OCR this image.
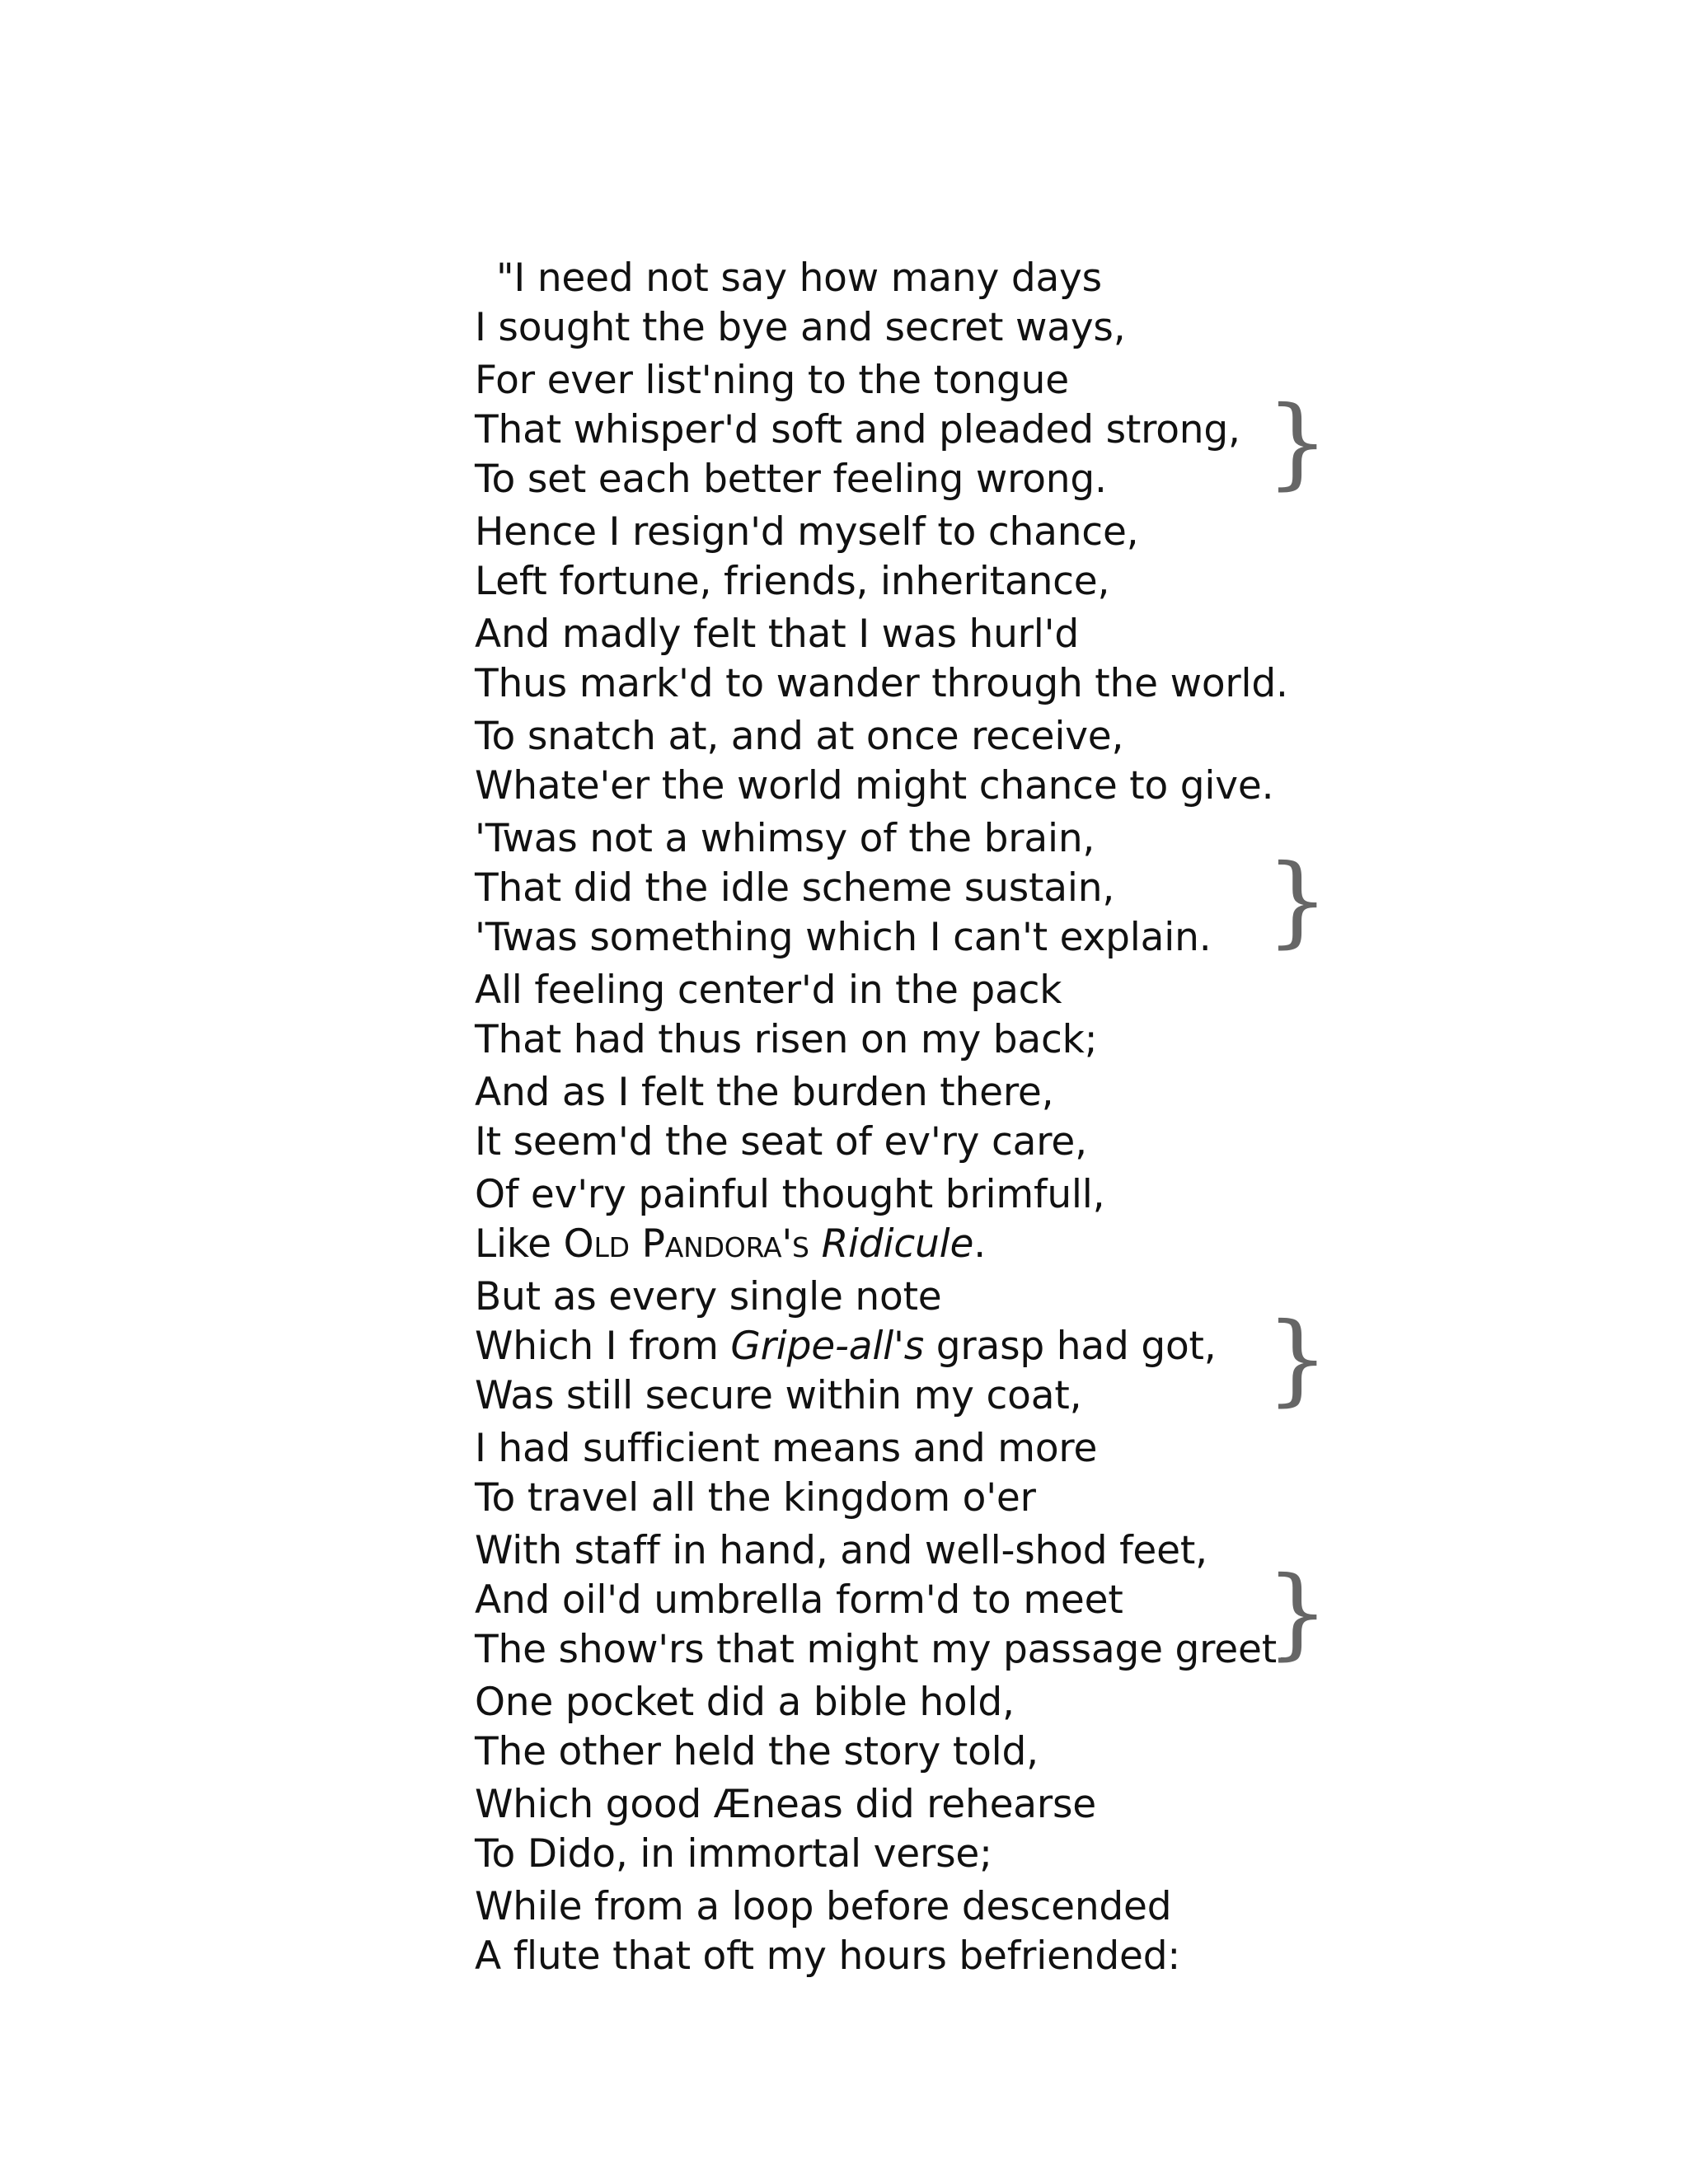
"I need not say how many days
I sought the bye and secret ways,
For ever list'ning to the tongue
That whisper'd soft and pleaded strong,
To set each better feeling wrong.	}
Hence I resign'd myself to chance,
Left fortune, friends, inheritance,
And madly felt that I was hurl'd
Thus mark'd to wander through the world.
To snatch at, and at once receive,
Whate'er the world might chance to give.
'Twas not a whimsy of the brain,
That did the idle scheme sustain,
'Twas something which I can't explain. }
All feeling center'd in the pack
That had thus risen on my back;
And as I felt the burden there,
It seem'd the seat of ev'ry care,
Of ev'ry painful thought brimfull,
Like Old Pandora's Ridicule.
But as every single note
Which I from Gripe-all's grasp had got,
Was still secure within my coat,	}
I had sufficient means and more
To travel all the kingdom o'er
With staff in hand, and well-shod feet,
And oil'd umbrella form'd to meet
The show'rs that might my passage greet.
}
One pocket did a bible hold,
The other held the story told,
Which good Æneas did rehearse
To Dido, in immortal verse;
While from a loop before descended
A flute that oft my hours befriended:
